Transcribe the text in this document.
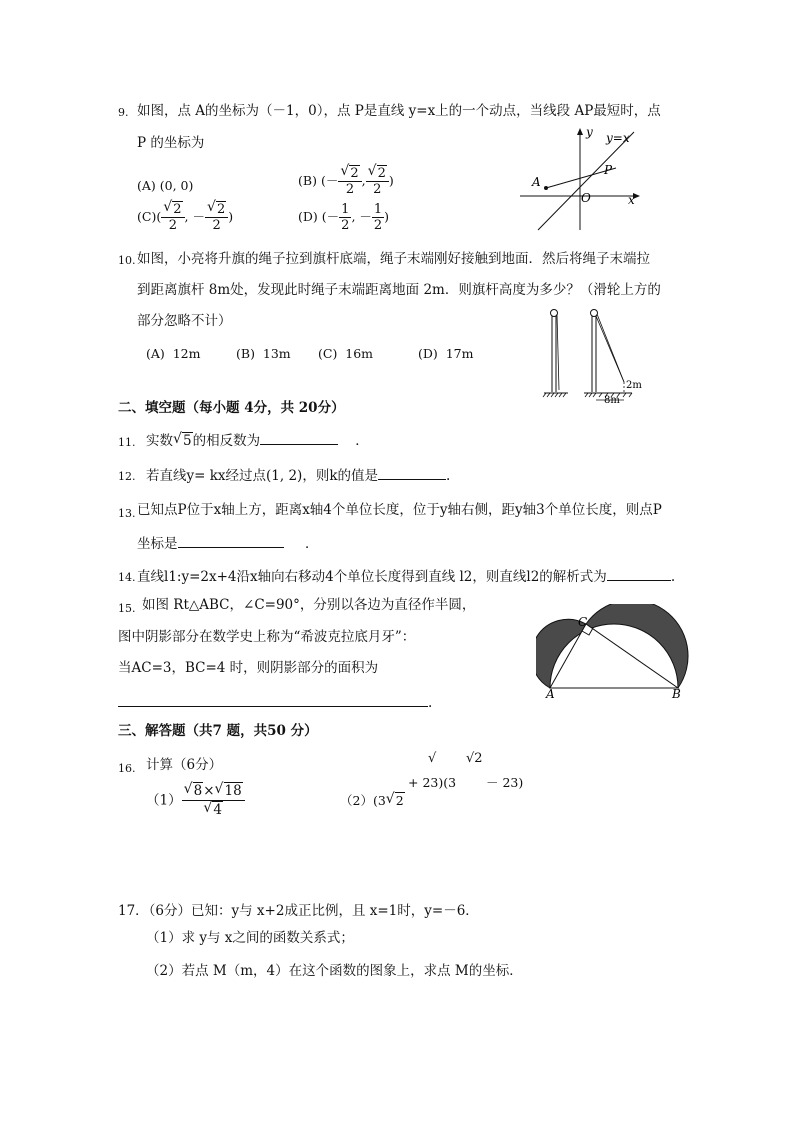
9. 如图，点 A的坐标为（－1，0），点 P是直线 y=x上的一个动点，当线段 AP最短时，点
P 的坐标为
(A) (0, 0)	(B) (－ √ $\frac{2}{2}$ , √ $\frac{2}{2}$ )
(C)( √ $\frac{2}{2}$ , － √ $\frac{2}{2}$ )	(D) (－ $\frac{1}{2}$ , － $\frac{1}{2}$ )
y y=x
A
P
O	x
10. 如图，小亮将升旗的绳子拉到旗杆底端，绳子末端刚好接触到地面．然后将绳子末端拉
到距离旗杆 8m处，发现此时绳子末端距离地面 2m．则旗杆高度为多少？（滑轮上方的
部分忽略不计）
(A) 12m	(B) 13m (C) 16m	(D) 17m
2m
8m
二、填空题（每小题 4分，共 20分）
11. 实数 √ 5的相反数为	．
12. 若直线y= kx经过点(1, 2)，则k的值是	.
13. 已知点P位于x轴上方，距离x轴4个单位长度，位于y轴右侧，距y轴3个单位长度，则点P
坐标是	．
14. 直线l1:y=2x+4沿x轴向右移动4个单位长度得到直线 l2，则直线l2的解析式为	.
15. 如图 Rt△ABC，∠C=90°，分别以各边为直径作半圆，
图中阴影部分在数学史上称为“希波克拉底月牙”：
当AC=3，BC=4 时，则阴影部分的面积为
.
C
A	B
三、解答题（共7 题，共50 分）
16. 计算（6分）
（1） √ 8× √ 18
√ 4
√ √2
+ 23)(3 － 23)
（2）(3 √ 2
17．（6分）已知：y与 x+2成正比例，且 x=1时，y=－6．
（1）求 y与 x之间的函数关系式；
（2）若点 M（m，4）在这个函数的图象上，求点 M的坐标．
